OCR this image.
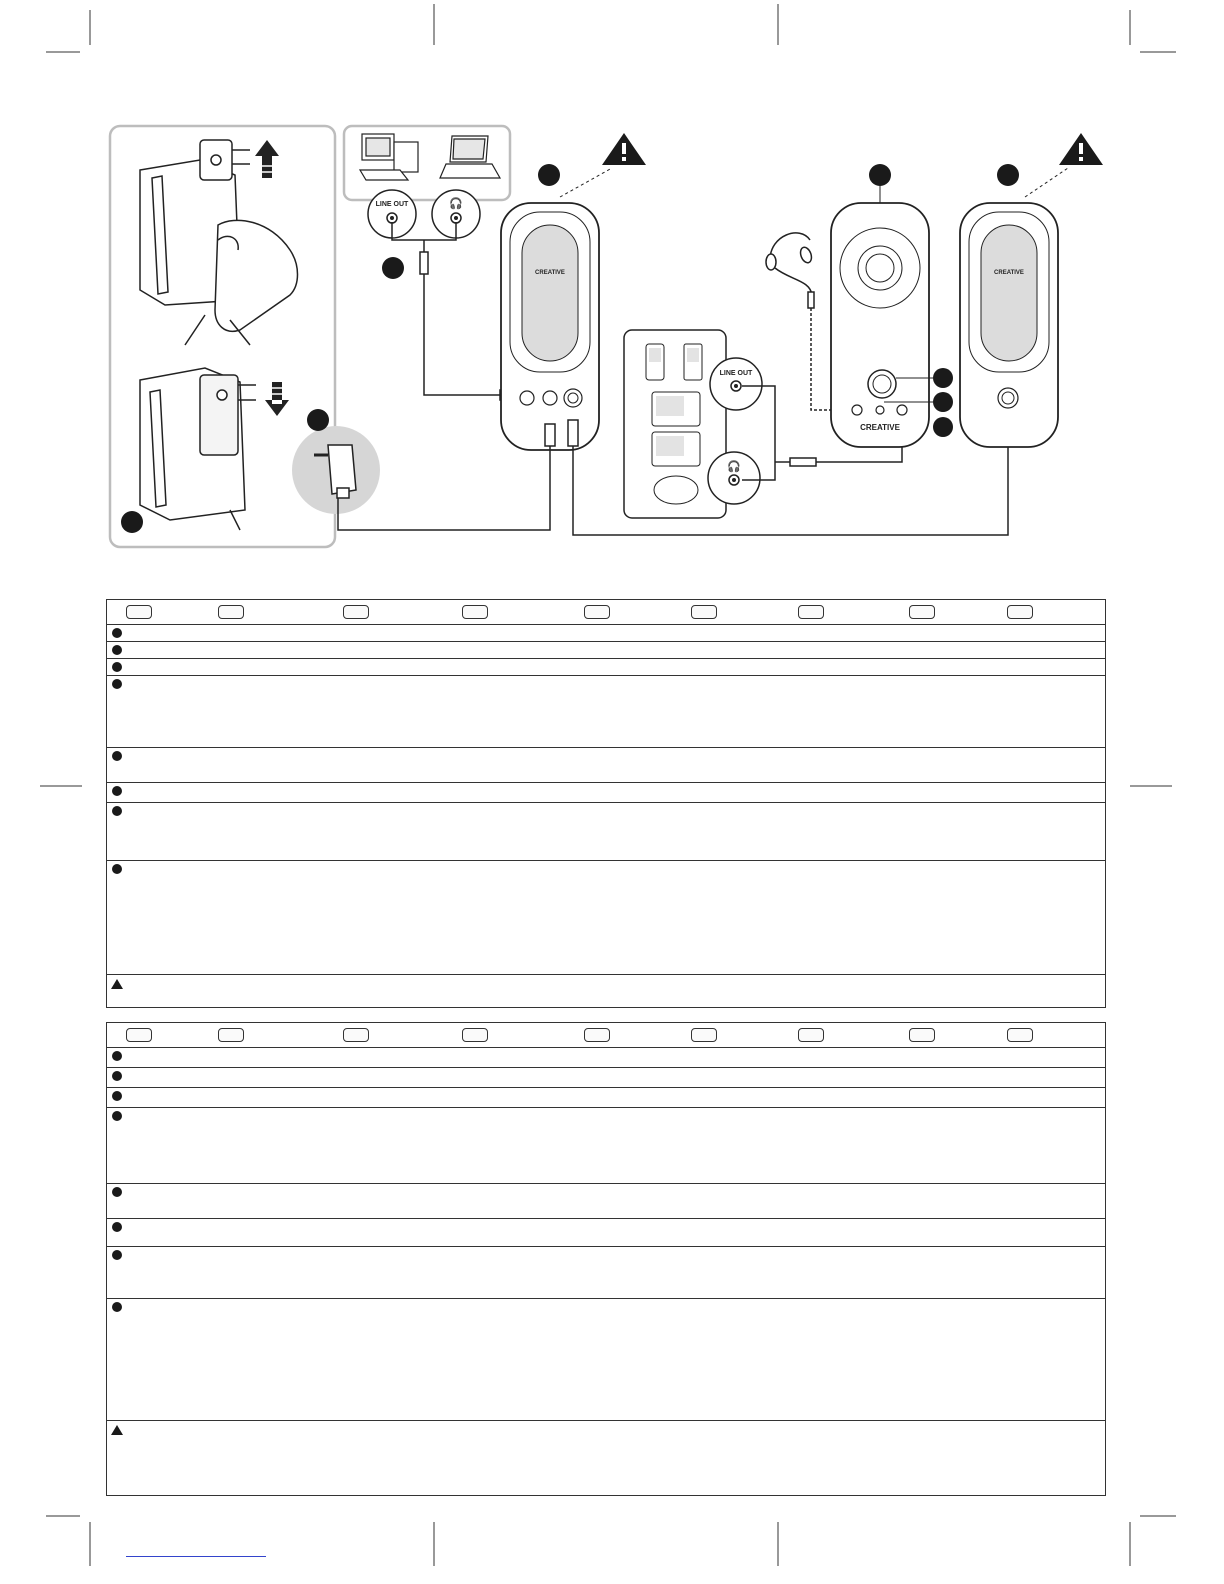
LINE OUT	🎧
CREATIVE
LINE OUT
🎧
CREATIVE
CREATIVE
